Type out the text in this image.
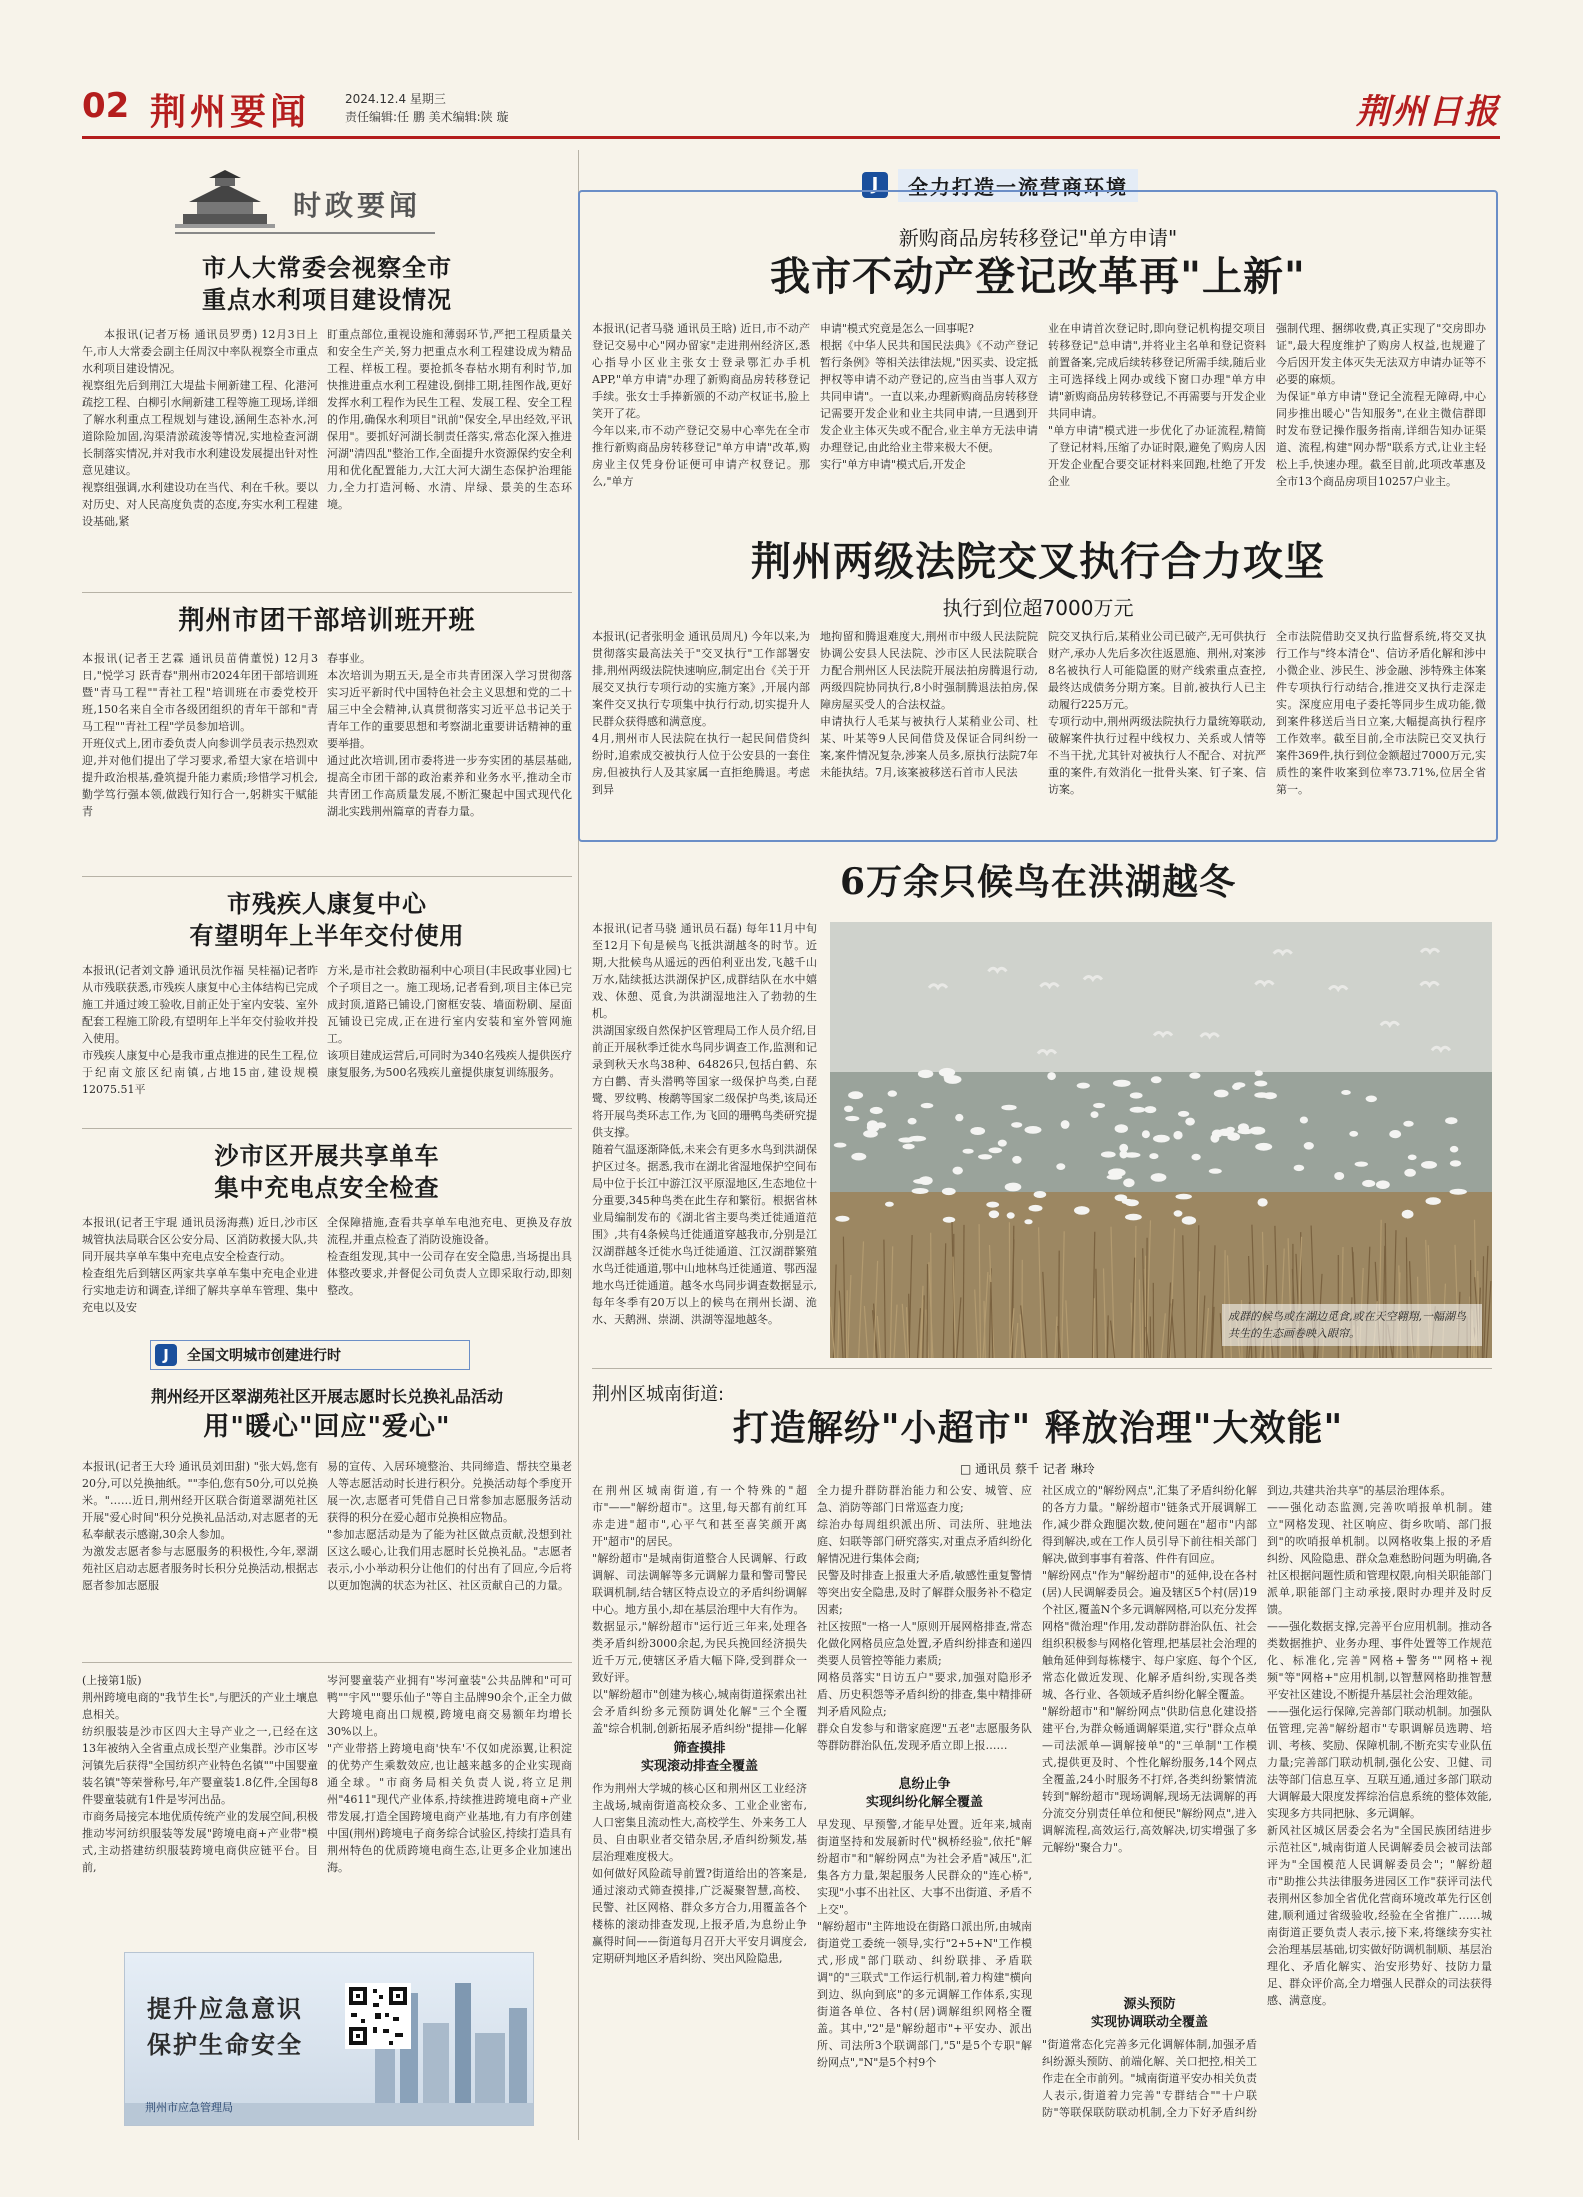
02 荆州要闻	2024.12.4 星期三
责任编辑:任 鹏 美术编辑:陕 璇	荆州日报
时政要闻
市人大常委会视察全市
重点水利项目建设情况
本报讯(记者万杨 通讯员罗勇) 12月3日上午,市人大常委会副主任周汉中率队视察全市重点水利项目建设情况。
视察组先后到荆江大堤盐卡闸新建工程、化港河疏挖工程、白柳引水闸新建工程等施工现场,详细了解水利重点工程规划与建设,涵闸生态补水,河道除险加固,沟渠清淤疏浚等情况,实地检查河湖长制落实情况,并对我市水利建设发展提出针对性意见建议。
视察组强调,水利建设功在当代、利在千秋。要以对历史、对人民高度负责的态度,夯实水利工程建设基础,紧
盯重点部位,重视设施和薄弱环节,严把工程质量关和安全生产关,努力把重点水利工程建设成为精品工程、样板工程。要抢抓冬春枯水期有利时节,加快推进重点水利工程建设,倒排工期,挂图作战,更好发挥水利工程作为民生工程、发展工程、安全工程的作用,确保水利项目"讯前"保安全,早出经效,平讯保用"。要抓好河湖长制责任落实,常态化深入推进河湖"清四乱"整治工作,全面提升水资源保约安全利用和优化配置能力,大江大河大湖生态保护治理能力,全力打造河畅、水清、岸绿、景美的生态环境。
荆州市团干部培训班开班
本报讯(记者王艺霖 通讯员苗倩董悦) 12月3日,"悦学习 跃青春"荆州市2024年团干部培训班暨"青马工程""青社工程"培训班在市委党校开班,150名来自全市各级团组织的青年干部和"青马工程""青社工程"学员参加培训。
开班仪式上,团市委负责人向参训学员表示热烈欢迎,并对他们提出了学习要求,希望大家在培训中提升政治根基,叠筑提升能力素质;珍惜学习机会,勤学笃行强本领,做践行知行合一,躬耕实干赋能青
春事业。
本次培训为期五天,是全市共青团深入学习贯彻落实习近平新时代中国特色社会主义思想和党的二十届三中全会精神,认真贯彻落实习近平总书记关于青年工作的重要思想和考察湖北重要讲话精神的重要举措。
通过此次培训,团市委将进一步夯实团的基层基础,提高全市团干部的政治素养和业务水平,推动全市共青团工作高质量发展,不断汇聚起中国式现代化湖北实践荆州篇章的青春力量。
市残疾人康复中心
有望明年上半年交付使用
本报讯(记者刘文静 通讯员沈作福 吴桂福)记者昨从市残联获悉,市残疾人康复中心主体结构已完成施工并通过竣工验收,目前正处于室内安装、室外配套工程施工阶段,有望明年上半年交付验收并投入使用。
市残疾人康复中心是我市重点推进的民生工程,位于纪南文旅区纪南镇,占地15亩,建设规模12075.51平
方米,是市社会救助福利中心项目(丰民政事业园)七个子项目之一。施工现场,记者看到,项目主体已完成封顶,道路已铺设,门窗框安装、墙面粉刷、屋面瓦铺设已完成,正在进行室内安装和室外管网施工。
该项目建成运营后,可同时为340名残疾人提供医疗康复服务,为500名残疾儿童提供康复训练服务。
沙市区开展共享单车
集中充电点安全检查
本报讯(记者王宇琨 通讯员汤海燕) 近日,沙市区城管执法局联合区公安分局、区消防救援大队,共同开展共享单车集中充电点安全检查行动。
检查组先后到辖区两家共享单车集中充电企业进行实地走访和调查,详细了解共享单车管理、集中充电以及安
全保障措施,查看共享单车电池充电、更换及存放流程,并重点检查了消防设施设备。
检查组发现,其中一公司存在安全隐患,当场提出具体整改要求,并督促公司负责人立即采取行动,即刻整改。
J	全国文明城市创建进行时
荆州经开区翠湖苑社区开展志愿时长兑换礼品活动
用"暖心"回应"爱心"
本报讯(记者王大玲 通讯员刘田甜) "张大妈,您有20分,可以兑换抽纸。""李伯,您有50分,可以兑换米。"……近日,荆州经开区联合街道翠湖苑社区开展"爱心时间"积分兑换礼品活动,对志愿者的无私奉献表示感谢,30余人参加。
为激发志愿者参与志愿服务的积极性,今年,翠湖苑社区启动志愿者服务时长积分兑换活动,根据志愿者参加志愿服
易的宣传、入居环境整治、共同缔造、帮扶空巢老人等志愿活动时长进行积分。兑换活动每个季度开展一次,志愿者可凭借自己日常参加志愿服务活动获得的积分在爱心超市兑换相应物品。
"参加志愿活动是为了能为社区做点贡献,没想到社区这么暖心,让我们用志愿时长兑换礼品。"志愿者表示,小小举动积分让他们的付出有了回应,今后将以更加饱满的状态为社区、社区贡献自己的力量。
(上接第1版)
荆州跨境电商的"我节生长",与肥沃的产业土壤息息相关。
纺织服装是沙市区四大主导产业之一,已经在这13年被纳入全省重点成长型产业集群。沙市区岑河镇先后获得"全国纺织产业特色名镇""中国婴童装名镇"等荣誉称号,年产婴童装1.8亿件,全国每8件婴童装就有1件是岑河出品。
市商务局接完本地优质传统产业的发展空间,积极推动岑河纺织服装等发展"跨境电商+产业带"模式,主动搭建纺织服装跨境电商供应链平台。目前,
岑河婴童装产业拥有"岑河童装"公共品牌和"可可鸭""宇风""婴乐仙子"等自主品牌90余个,正全力做大跨境电商出口规模,跨境电商交易额年均增长30%以上。
"产业带搭上跨境电商'快车'不仅如虎添翼,让积淀的优势产生乘数效应,也让越来越多的企业实现商通全球。"市商务局相关负责人说,将立足荆州"4611"现代产业体系,持续推进跨境电商+产业带发展,打造全国跨境电商产业基地,有力有序创建中国(荆州)跨境电子商务综合试验区,持续打造具有荆州特色的优质跨境电商生态,让更多企业加速出海。
提升应急意识
保护生命安全
荆州市应急管理局
J	全力打造一流营商环境
新购商品房转移登记"单方申请"
我市不动产登记改革再"上新"
本报讯(记者马骁 通讯员王晗) 近日,市不动产登记交易中心"网办留家"走进荆州经济区,悉心指导小区业主张女士登录鄂汇办手机APP,"单方申请"办理了新购商品房转移登记手续。张女士手捧新颁的不动产权证书,脸上笑开了花。
今年以来,市不动产登记交易中心率先在全市推行新购商品房转移登记"单方申请"改革,购房业主仅凭身份证便可申请产权登记。那么,"单方
申请"模式究竟是怎么一回事呢?
根据《中华人民共和国民法典》《不动产登记暂行条例》等相关法律法规,"因买卖、设定抵押权等申请不动产登记的,应当由当事人双方共同申请"。一直以来,办理新购商品房转移登记需要开发企业和业主共同申请,一旦遇到开发企业主体灭失或不配合,业主单方无法申请办理登记,由此给业主带来极大不便。
实行"单方申请"模式后,开发企
业在申请首次登记时,即向登记机构提交项目转移登记"总申请",并将业主名单和登记资料前置备案,完成后续转移登记所需手续,随后业主可选择线上网办或线下窗口办理"单方申请"新购商品房转移登记,不再需要与开发企业共同申请。
"单方申请"模式进一步优化了办证流程,精简了登记材料,压缩了办证时限,避免了购房人因开发企业配合要交证材料来回跑,杜绝了开发企业
强制代理、捆绑收费,真正实现了"交房即办证",最大程度维护了购房人权益,也规避了今后因开发主体灭失无法双方申请办证等不必要的麻烦。
为保证"单方申请"登记全流程无障碍,中心同步推出暖心"告知服务",在业主微信群即时发布登记操作服务指南,详细告知办证渠道、流程,构建"网办帮"联系方式,让业主轻松上手,快速办理。截至目前,此项改革惠及全市13个商品房项目10257户业主。
荆州两级法院交叉执行合力攻坚
执行到位超7000万元
本报讯(记者张明金 通讯员周凡) 今年以来,为贯彻落实最高法关于"交叉执行"工作部署安排,荆州两级法院快速响应,制定出台《关于开展交叉执行专项行动的实施方案》,开展内部案件交叉执行专项集中执行行动,切实提升人民群众获得感和满意度。
4月,荆州市人民法院在执行一起民间借贷纠纷时,追索成交被执行人位于公安县的一套住房,但被执行人及其家属一直拒绝腾退。考虑到异
地拘留和腾退难度大,荆州市中级人民法院院协调公安县人民法院、沙市区人民法院联合力配合荆州区人民法院开展法拍房腾退行动,两级四院协同执行,8小时强制腾退法拍房,保障房屋买受人的合法权益。
申请执行人毛某与被执行人某稍业公司、杜某、叶某等9人民间借贷及保证合同纠纷一案,案件情况复杂,涉案人员多,原执行法院7年未能执结。7月,该案被移送石首市人民法
院交叉执行后,某稍业公司已破产,无可供执行财产,承办人先后多次往返恩施、荆州,对案涉8名被执行人可能隐匿的财产线索重点查控,最终达成债务分期方案。目前,被执行人已主动履行225万元。
专项行动中,荆州两级法院执行力量统筹联动,破解案件执行过程中线权力、关系或人情等不当干扰,尤其针对被执行人不配合、对抗严重的案件,有效消化一批骨头案、钉子案、信访案。
全市法院借助交叉执行监督系统,将交叉执行工作与"终本清仓"、信访矛盾化解和涉中小微企业、涉民生、涉金融、涉特殊主体案件专项执行行动结合,推进交叉执行走深走实。深度应用电子委托等同步生成功能,微到案件移送后当日立案,大幅提高执行程序工作效率。截至目前,全市法院已交叉执行案件369件,执行到位金额超过7000万元,实质性的案件收案到位率73.71%,位居全省第一。
6万余只候鸟在洪湖越冬
本报讯(记者马骁 通讯员石磊) 每年11月中旬至12月下旬是候鸟飞抵洪湖越冬的时节。近期,大批候鸟从遥远的西伯利亚出发,飞越千山万水,陆续抵达洪湖保护区,成群结队在水中嬉戏、休憩、觅食,为洪湖湿地注入了勃勃的生机。
洪湖国家级自然保护区管理局工作人员介绍,目前正开展秋季迁徙水鸟同步调查工作,监测和记录到秋天水鸟38种、64826只,包括白鹤、东方白鹳、青头潜鸭等国家一级保护鸟类,白琵鹭、罗纹鸭、梭鹬等国家二级保护鸟类,该局还将开展鸟类环志工作,为飞回的珊鸭鸟类研究提供支撑。
随着气温逐渐降低,未来会有更多水鸟到洪湖保护区过冬。据悉,我市在湖北省湿地保护空间布局中位于长江中游江汉平原湿地区,生态地位十分重要,345种鸟类在此生存和繁衍。根据省林业局编制发布的《湖北省主要鸟类迁徙通道范围》,共有4条候鸟迁徙通道穿越我市,分别是江汉湖群越冬迁徙水鸟迁徙通道、江汉湖群繁殖水鸟迁徙通道,鄂中山地林鸟迁徙通道、鄂西湿地水鸟迁徙通道。越冬水鸟同步调查数据显示,每年冬季有20万以上的候鸟在荆州长湖、洈水、天鹅洲、崇湖、洪湖等湿地越冬。	成群的候鸟或在湖边觅食,或在天空翱翔,一幅湖鸟共生的生态画卷映入眼帘。
荆州区城南街道:
打造解纷"小超市" 释放治理"大效能"
□ 通讯员 蔡千 记者 琳玲
在荆州区城南街道,有一个特殊的"超市"——"解纷超市"。这里,每天都有前红耳赤走进"超市",心平气和甚至喜笑颜开离开"超市"的居民。
"解纷超市"是城南街道整合人民调解、行政调解、司法调解等多元调解力量和警司警民联调机制,结合辖区特点设立的矛盾纠纷调解中心。地方虽小,却在基层治理中大有作为。
数据显示,"解纷超市"运行近三年来,处理各类矛盾纠纷3000余起,为民兵挽回经济损失近千万元,使辖区矛盾大幅下降,受到群众一致好评。
以"解纷超市"创建为核心,城南街道探索出社会矛盾纠纷多元预防调处化解"三个全覆盖"综合机制,创新拓展矛盾纠纷"提排—化解
筛查摸排
实现滚动排查全覆盖
作为荆州大学城的核心区和荆州区工业经济主战场,城南街道高校众多、工业企业密布,人口密集且流动性大,高校学生、外来务工人员、自由职业者交错杂居,矛盾纠纷频发,基层治理难度极大。
如何做好风险疏导前置?街道给出的答案是,通过滚动式筛查摸排,广泛凝聚智慧,高校、民警、社区网格、群众多方合力,用覆盖各个楼栋的滚动排查发现,上报矛盾,为息纷止争赢得时间——街道每月召开大平安月调度会,定期研判地区矛盾纠纷、突出风险隐患,
全力提升群防群治能力和公安、城管、应急、消防等部门日常巡查力度;
综治办每周组织派出所、司法所、驻地法庭、妇联等部门研究落实,对重点矛盾纠纷化解情况进行集体会商;
民警及时排查上报重大矛盾,敏感性重复警情等突出安全隐患,及时了解群众服务补不稳定因素;
社区按照"一格一人"原则开展网格排查,常态化做化网格员应急处置,矛盾纠纷排查和递四类要人员管控等能力素质;
网格员落实"日访五户"要求,加强对隐形矛盾、历史积怨等矛盾纠纷的排查,集中精排研判矛盾风险点;
群众自发参与和谐家庭逻"五老"志愿服务队等群防群治队伍,发现矛盾立即上报……
息纷止争
实现纠纷化解全覆盖
早发现、早预警,才能早处置。近年来,城南街道坚持和发展新时代"枫桥经验",依托"解纷超市"和"解纷网点"为社会矛盾"减压",汇集各方力量,架起服务人民群众的"连心桥",实现"小事不出社区、大事不出街道、矛盾不上交"。
"解纷超市"主阵地设在街路口派出所,由城南街道党工委统一领导,实行"2+5+N"工作模式,形成"部门联动、纠纷联排、矛盾联调"的"三联式"工作运行机制,着力构建"横向到边、纵向到底"的多元调解工作体系,实现街道各单位、各村(居)调解组织网格全覆盖。其中,"2"是"解纷超市"+平安办、派出所、司法所3个联调部门,"5"是5个专职"解纷网点","N"是5个村9个
社区成立的"解纷网点",汇集了矛盾纠纷化解的各方力量。"解纷超市"链条式开展调解工作,减少群众跑腿次数,使问题在"超市"内部得到解决,或在工作人员引导下前往相关部门解决,做到事事有着落、件件有回应。
"解纷网点"作为"解纷超市"的延伸,设在各村(居)人民调解委员会。遍及辖区5个村(居)19个社区,覆盖N个多元调解网格,可以充分发挥网格"微治理"作用,发动群防群治队伍、社会组织积极参与网格化管理,把基层社会治理的触角延伸到每栋楼宇、每户家庭、每个个区,常态化做近发现、化解矛盾纠纷,实现各类城、各行业、各领域矛盾纠纷化解全覆盖。
"解纷超市"和"解纷网点"供助信息化建设搭建平台,为群众畅通调解渠道,实行"群众点单—司法派单—调解接单"的"三单制"工作模式,提供更及时、个性化解纷服务,14个网点全覆盖,24小时服务不打烊,各类纠纷繁情流转到"解纷超市"现场调解,现场无法调解的再分流交分别责任单位和便民"解纷网点",进入调解流程,高效运行,高效解决,切实增强了多元解纷"聚合力"。
源头预防
实现协调联动全覆盖
"街道常态化完善多元化调解体制,加强矛盾纠纷源头预防、前端化解、关口把控,相关工作走在全市前列。"城南街道平安办相关负责人表示,街道着力完善"专群结合""十户联防"等联保联防联动机制,全力下好矛盾纠纷
到边,共建共治共享"的基层治理体系。
——强化动态监测,完善吹哨报单机制。建立"网格发现、社区响应、街乡吹哨、部门报到"的吹哨报单机制。以网格收集上报的矛盾纠纷、风险隐患、群众急难愁盼问题为明确,各社区根据问题性质和管理权限,向相关职能部门派单,职能部门主动承接,限时办理并及时反馈。
——强化数据支撑,完善平台应用机制。推动各类数据推护、业务办理、事件处置等工作规范化、标准化,完善"网格+警务""网格+视频"等"网格+"应用机制,以智慧网格助推智慧平安社区建设,不断提升基层社会治理效能。
——强化运行保障,完善部门联动机制。加强队伍管理,完善"解纷超市"专职调解员选聘、培训、考核、奖励、保障机制,不断充实专业队伍力量;完善部门联动机制,强化公安、卫健、司法等部门信息互享、互联互通,通过多部门联动大调解最大限度发挥综治信息系统的整体效能,实现多方共同把脉、多元调解。
新风社区城区居委会名为"全国民族团结进步示范社区",城南街道人民调解委员会被司法部评为"全国模范人民调解委员会"；"解纷超市"助推公共法律服务进园区工作"获评司法代表荆州区参加全省优化营商环境改革先行区创建,顺利通过省级验收,经验在全省推广……城南街道正要负责人表示,接下来,将继续夯实社会治理基层基础,切实做好防调机制顺、基层治理化、矛盾化解实、治安形势好、技防力量足、群众评价高,全力增强人民群众的司法获得感、满意度。
